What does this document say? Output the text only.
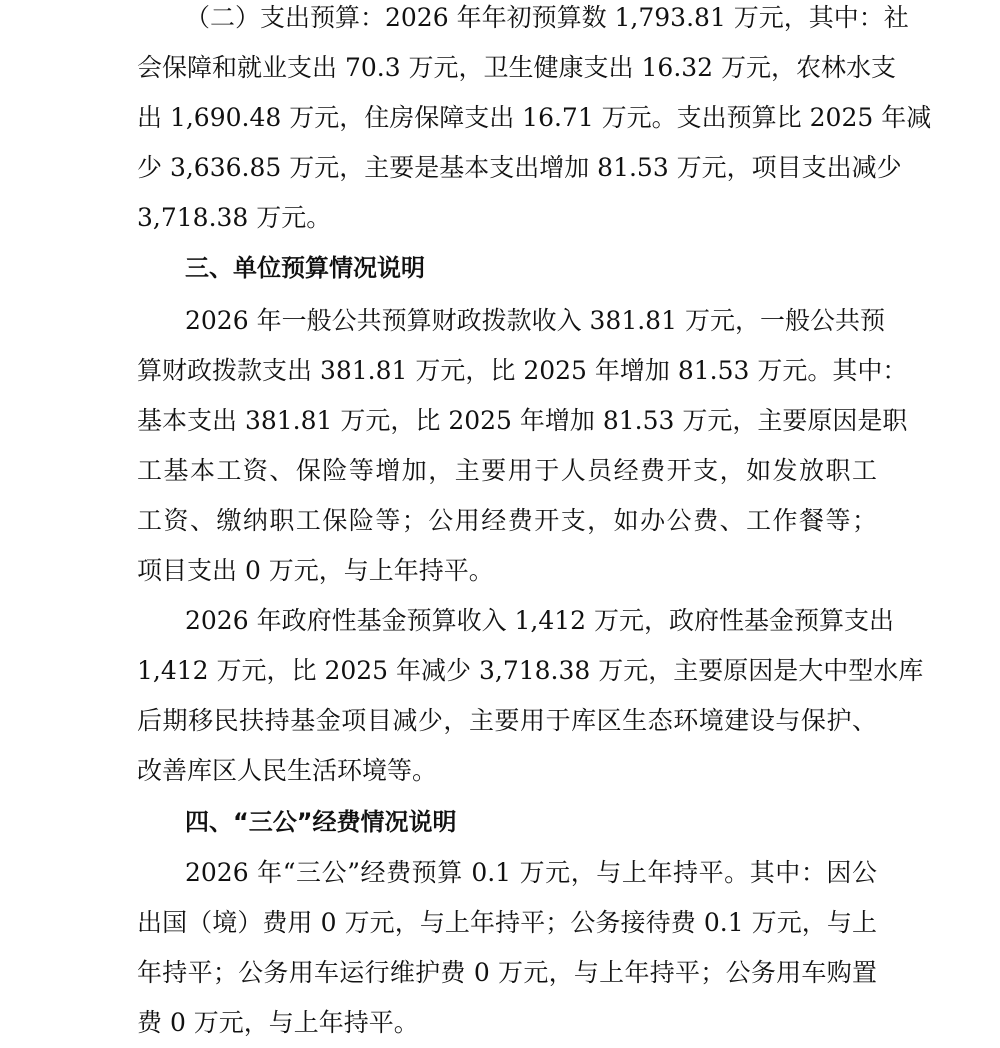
（二）支出预算：2026 年年初预算数 1,793.81 万元，其中：社
会保障和就业支出 70.3 万元，卫生健康支出 16.32 万元，农林水支
出 1,690.48 万元，住房保障支出 16.71 万元。支出预算比 2025 年减
少 3,636.85 万元，主要是基本支出增加 81.53 万元，项目支出减少
3,718.38 万元。
三、单位预算情况说明
2026 年一般公共预算财政拨款收入 381.81 万元，一般公共预
算财政拨款支出 381.81 万元，比 2025 年增加 81.53 万元。其中：
基本支出 381.81 万元，比 2025 年增加 81.53 万元，主要原因是职
工基本工资、保险等增加，主要用于人员经费开支，如发放职工
工资、缴纳职工保险等；公用经费开支，如办公费、工作餐等；
项目支出 0 万元，与上年持平。
2026 年政府性基金预算收入 1,412 万元，政府性基金预算支出
1,412 万元，比 2025 年减少 3,718.38 万元，主要原因是大中型水库
后期移民扶持基金项目减少，主要用于库区生态环境建设与保护、
改善库区人民生活环境等。
四、“三公”经费情况说明
2026 年“三公”经费预算 0.1 万元，与上年持平。其中：因公
出国（境）费用 0 万元，与上年持平；公务接待费 0.1 万元，与上
年持平；公务用车运行维护费 0 万元，与上年持平；公务用车购置
费 0 万元，与上年持平。
